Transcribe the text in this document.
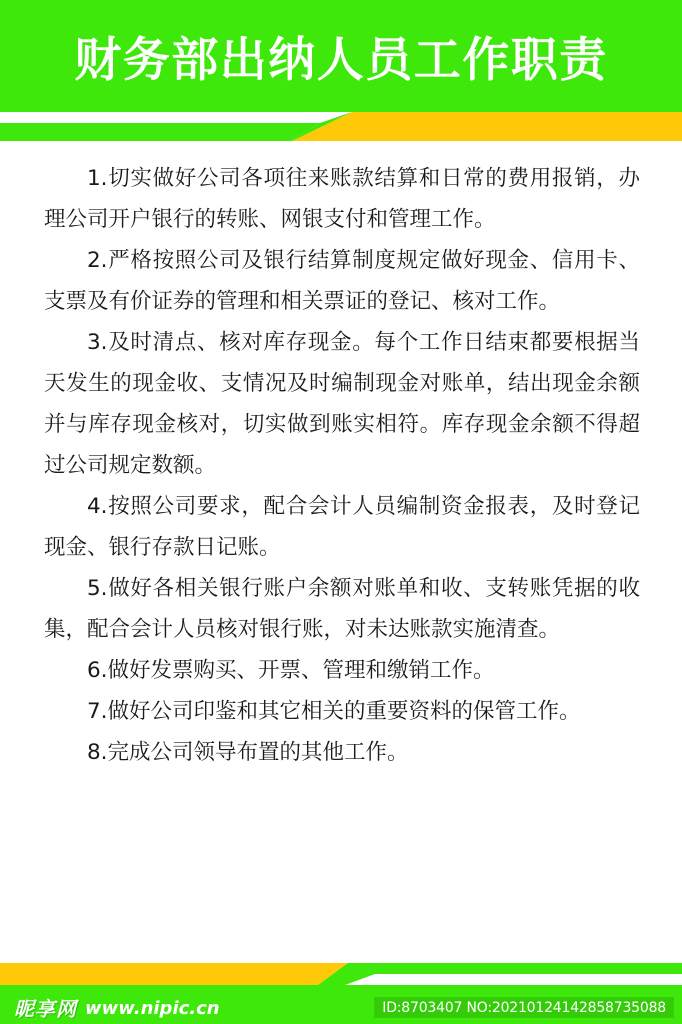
财务部出纳人员工作职责

1.切实做好公司各项往来账款结算和日常的费用报销，办理公司开户银行的转账、网银支付和管理工作。

2.严格按照公司及银行结算制度规定做好现金、信用卡、支票及有价证券的管理和相关票证的登记、核对工作。

3.及时清点、核对库存现金。每个工作日结束都要根据当天发生的现金收、支情况及时编制现金对账单，结出现金余额并与库存现金核对，切实做到账实相符。库存现金余额不得超过公司规定数额。

4.按照公司要求，配合会计人员编制资金报表，及时登记现金、银行存款日记账。

5.做好各相关银行账户余额对账单和收、支转账凭据的收集，配合会计人员核对银行账，对未达账款实施清查。

6.做好发票购买、开票、管理和缴销工作。

7.做好公司印鉴和其它相关的重要资料的保管工作。

8.完成公司领导布置的其他工作。

昵享网 www.nipic.cn	ID:8703407 NO:20210124142858735088
